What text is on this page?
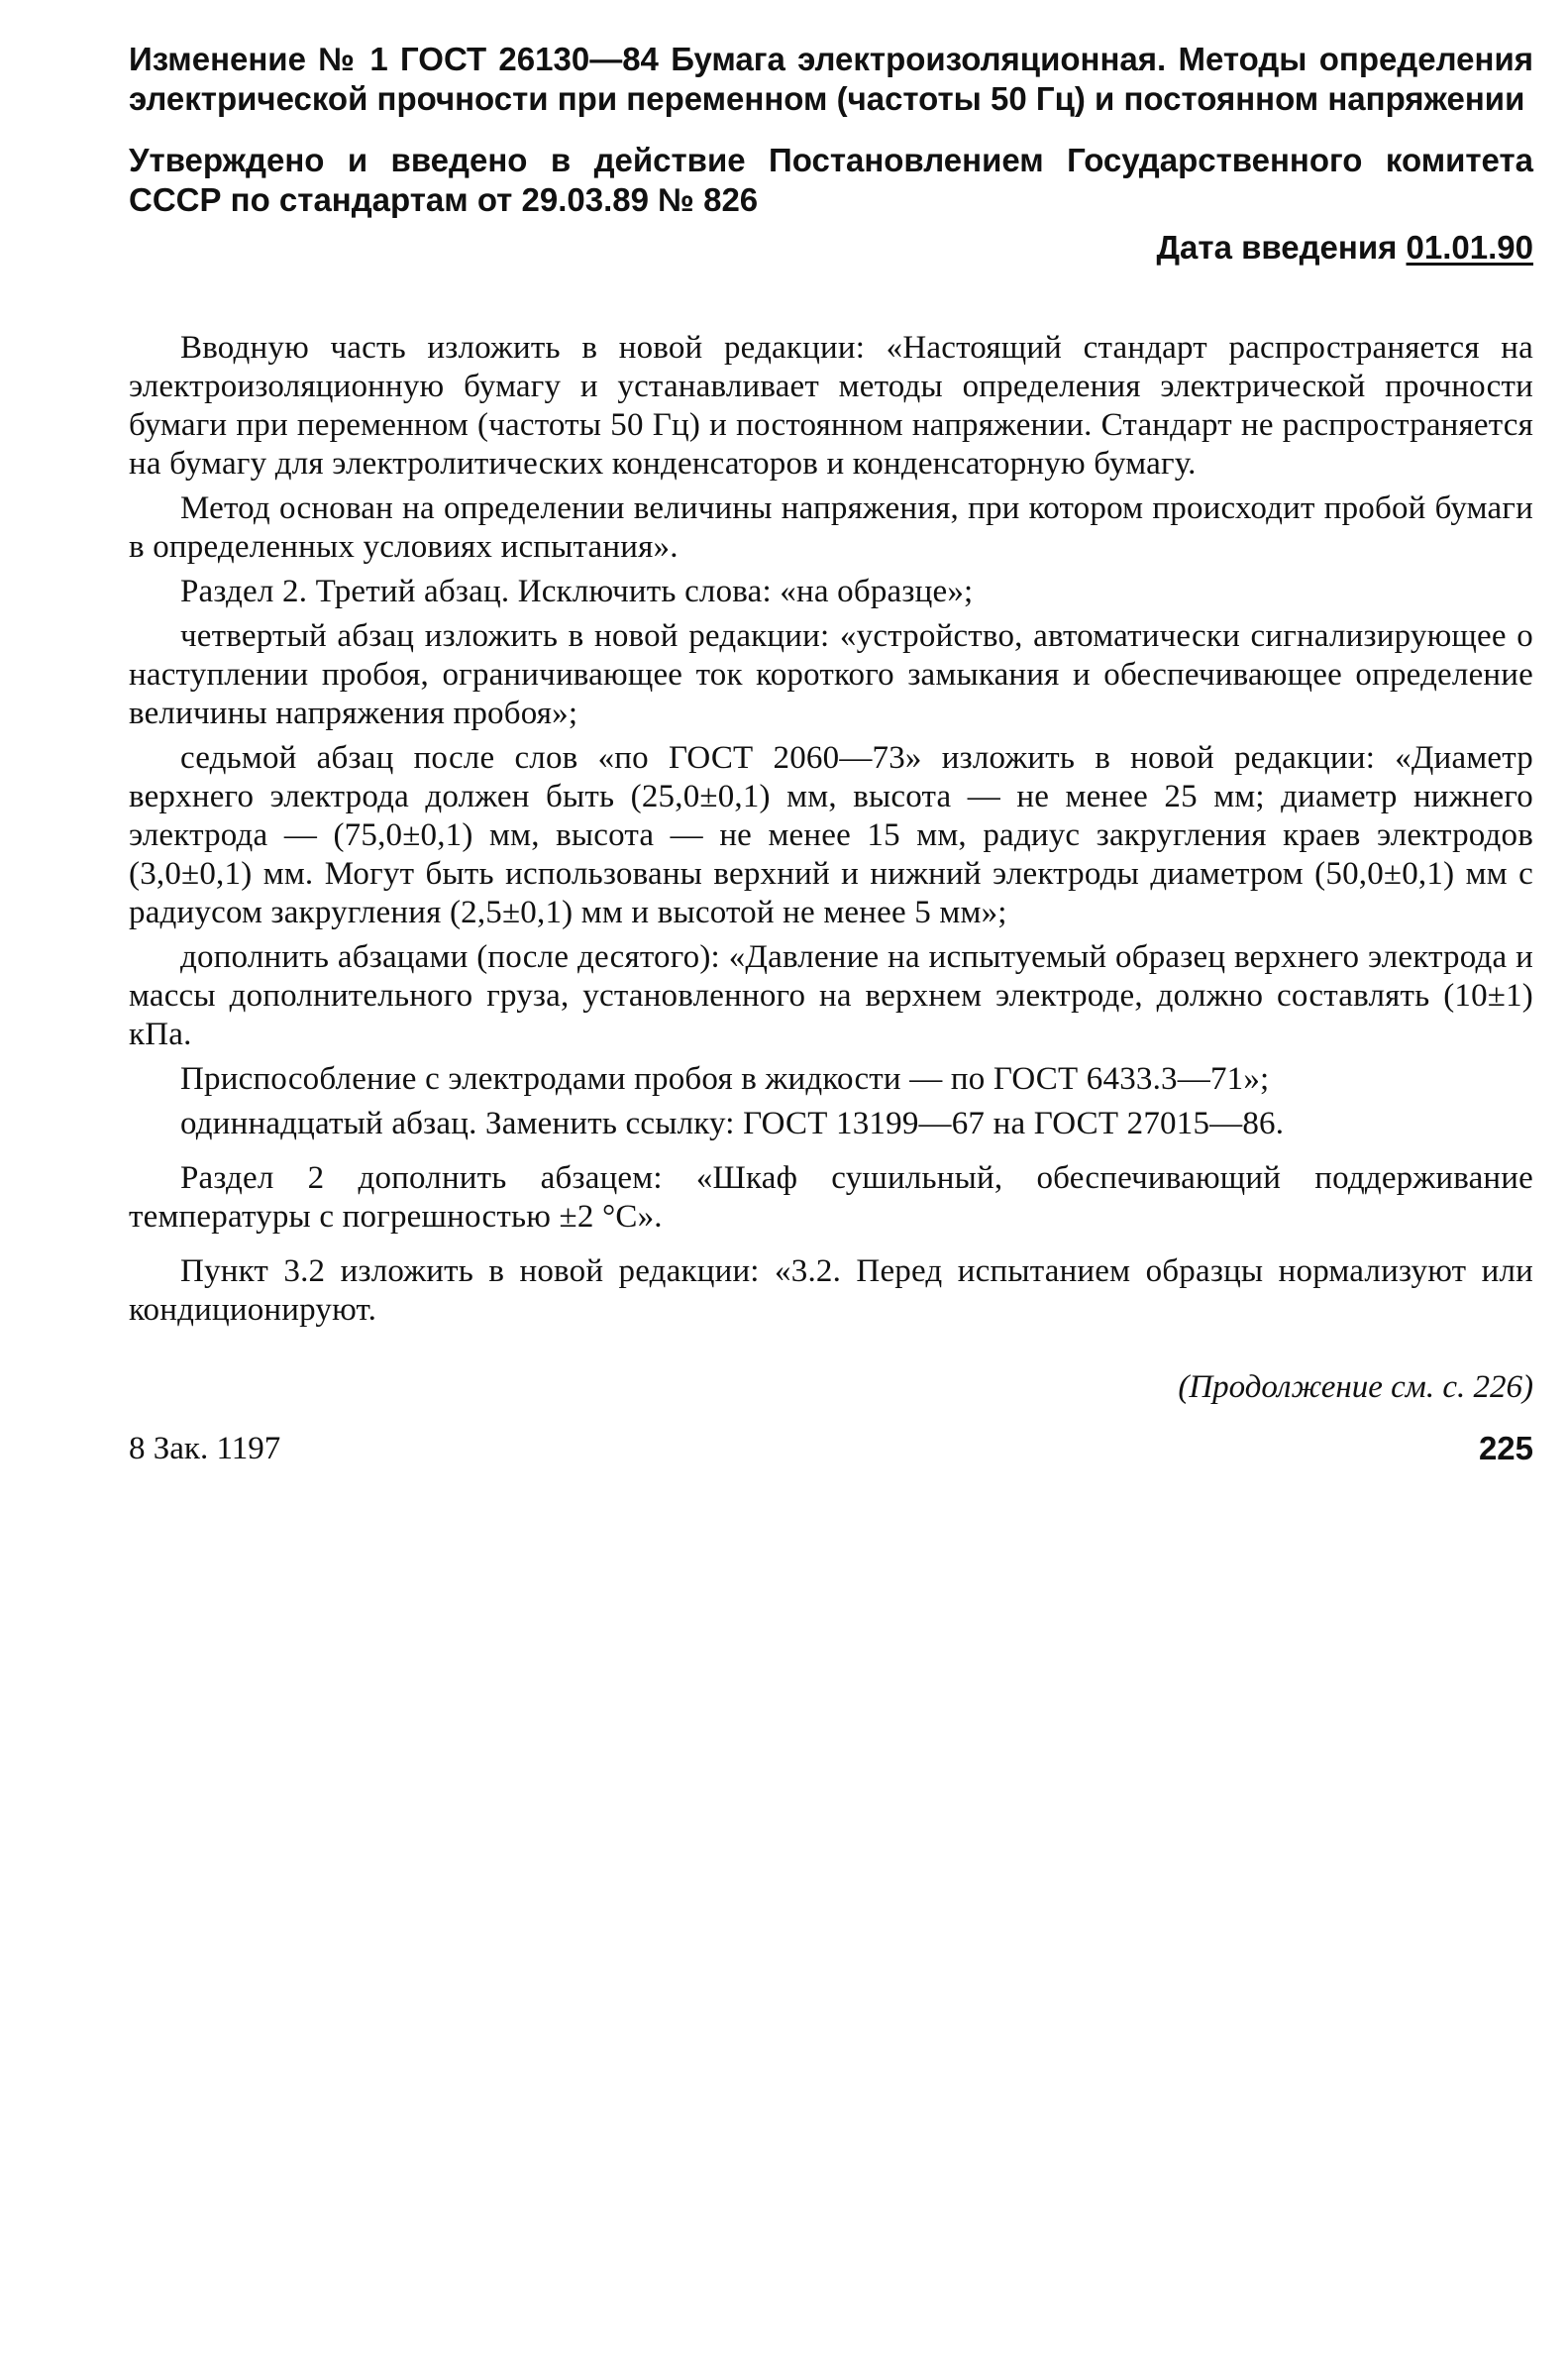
Изменение № 1 ГОСТ 26130—84 Бумага электроизоляционная. Методы определения электрической прочности при переменном (частоты 50 Гц) и постоянном напряжении

Утверждено и введено в действие Постановлением Государственного комитета СССР по стандартам от 29.03.89 № 826

Дата введения 01.01.90

Вводную часть изложить в новой редакции: «Настоящий стандарт распространяется на электроизоляционную бумагу и устанавливает методы определения электрической прочности бумаги при переменном (частоты 50 Гц) и постоянном напряжении. Стандарт не распространяется на бумагу для электролитических конденсаторов и конденсаторную бумагу.

Метод основан на определении величины напряжения, при котором происходит пробой бумаги в определенных условиях испытания».

Раздел 2. Третий абзац. Исключить слова: «на образце»;

четвертый абзац изложить в новой редакции: «устройство, автоматически сигнализирующее о наступлении пробоя, ограничивающее ток короткого замыкания и обеспечивающее определение величины напряжения пробоя»;

седьмой абзац после слов «по ГОСТ 2060—73» изложить в новой редакции: «Диаметр верхнего электрода должен быть (25,0±0,1) мм, высота — не менее 25 мм; диаметр нижнего электрода — (75,0±0,1) мм, высота — не менее 15 мм, радиус закругления краев электродов (3,0±0,1) мм. Могут быть использованы верхний и нижний электроды диаметром (50,0±0,1) мм с радиусом закругления (2,5±0,1) мм и высотой не менее 5 мм»;

дополнить абзацами (после десятого): «Давление на испытуемый образец верхнего электрода и массы дополнительного груза, установленного на верхнем электроде, должно составлять (10±1) кПа.

Приспособление с электродами пробоя в жидкости — по ГОСТ 6433.3—71»;

одиннадцатый абзац. Заменить ссылку: ГОСТ 13199—67 на ГОСТ 27015—86.

Раздел 2 дополнить абзацем: «Шкаф сушильный, обеспечивающий поддерживание температуры с погрешностью ±2 °С».

Пункт 3.2 изложить в новой редакции: «3.2. Перед испытанием образцы нормализуют или кондиционируют.

(Продолжение см. с. 226)

8 Зак. 1197	225
